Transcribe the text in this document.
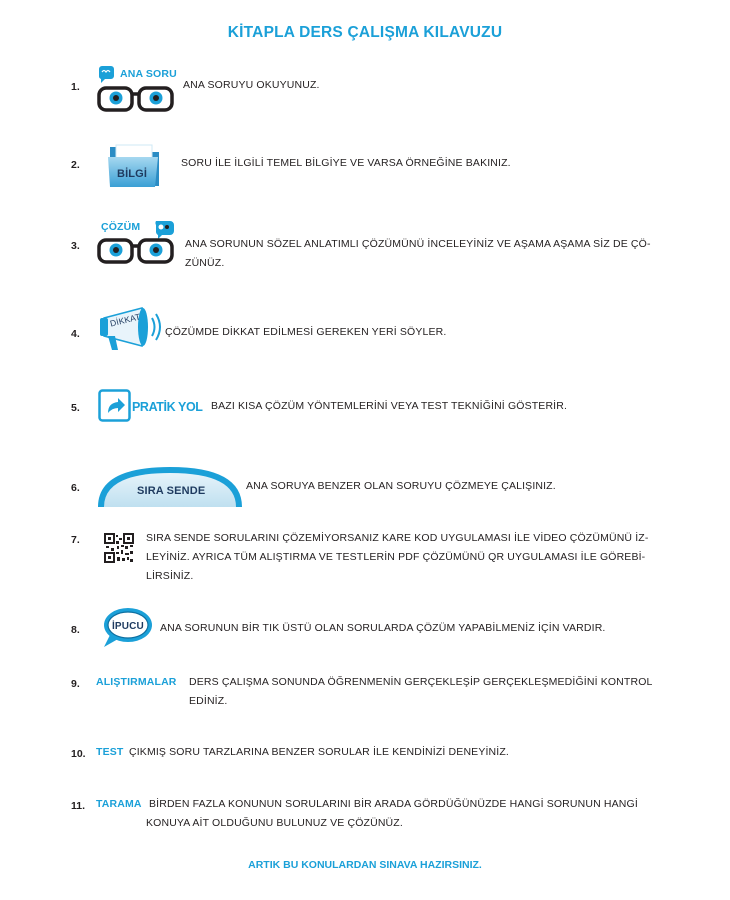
KİTAPLA DERS ÇALIŞMA KILAVUZU
1.
ANA SORU
ANA SORUYU OKUYUNUZ.
2.
BİLGİ
SORU İLE İLGİLİ TEMEL BİLGİYE VE VARSA ÖRNEĞİNE BAKINIZ.
3.
ÇÖZÜM
ANA SORUNUN SÖZEL ANLATIMLI ÇÖZÜMÜNÜ İNCELEYİNİZ VE AŞAMA AŞAMA SİZ DE ÇÖ-
ZÜNÜZ.
4.
DİKKAT
ÇÖZÜMDE DİKKAT EDİLMESİ GEREKEN YERİ SÖYLER.
5.	PRATİK YOL BAZI KISA ÇÖZÜM YÖNTEMLERİNİ VEYA TEST TEKNİĞİNİ GÖSTERİR.
6.	SIRA SENDE	ANA SORUYA BENZER OLAN SORUYU ÇÖZMEYE ÇALIŞINIZ.
7.	SIRA SENDE SORULARINI ÇÖZEMİYORSANIZ KARE KOD UYGULAMASI İLE VİDEO ÇÖZÜMÜNÜ İZ-
LEYİNİZ. AYRICA TÜM ALIŞTIRMA VE TESTLERİN PDF ÇÖZÜMÜNÜ QR UYGULAMASI İLE GÖREBİ-
LİRSİNİZ.
8.	İPUCU ANA SORUNUN BİR TIK ÜSTÜ OLAN SORULARDA ÇÖZÜM YAPABİLMENİZ İÇİN VARDIR.
9. ALIŞTIRMALAR DERS ÇALIŞMA SONUNDA ÖĞRENMENİN GERÇEKLEŞİP GERÇEKLEŞMEDİĞİNİ KONTROL
EDİNİZ.
10. TEST ÇIKMIŞ SORU TARZLARINA BENZER SORULAR İLE KENDİNİZİ DENEYİNİZ.
11. TARAMA BİRDEN FAZLA KONUNUN SORULARINI BİR ARADA GÖRDÜĞÜNÜZDE HANGİ SORUNUN HANGİ
KONUYA AİT OLDUĞUNU BULUNUZ VE ÇÖZÜNÜZ.
ARTIK BU KONULARDAN SINAVA HAZIRSINIZ.
